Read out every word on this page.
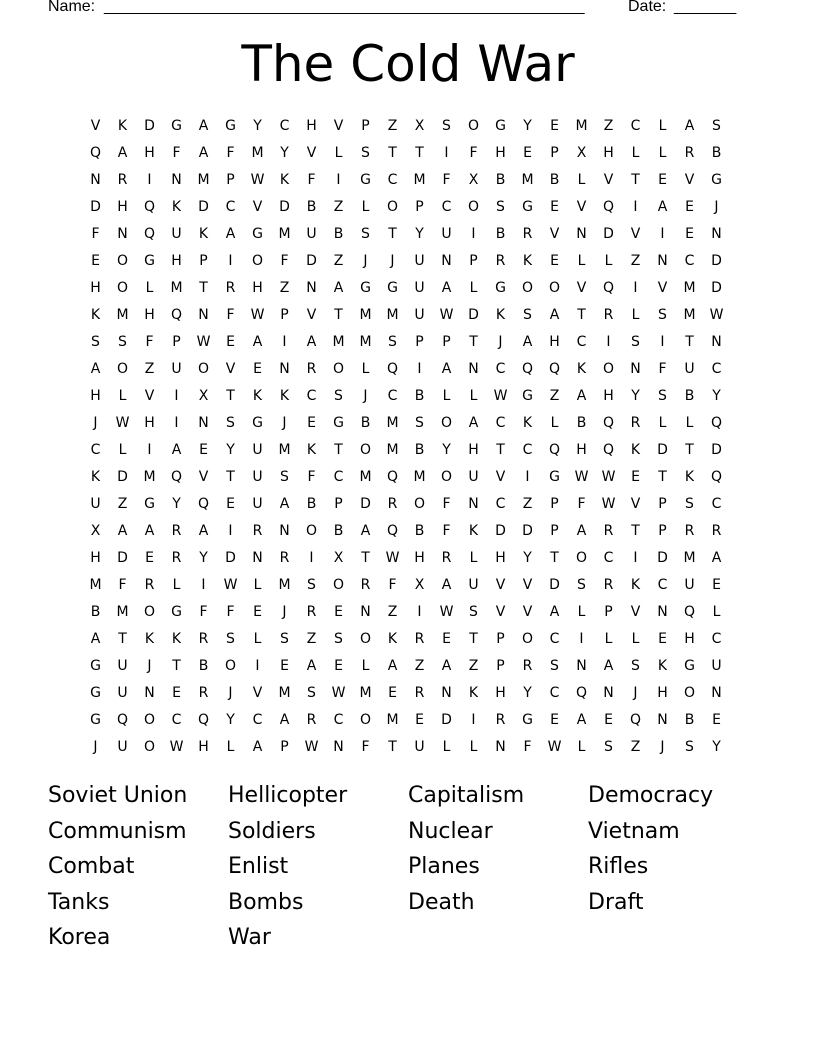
Name: ______________________________________________________	Date: _______
The Cold War
V	K	D	G	A	G	Y	C	H	V	P	Z	X	S	O	G	Y	E	M	Z	C	L	A	S
Q	A	H	F	A	F	M	Y	V	L	S	T	T	I	F	H	E	P	X	H	L	L	R	B
N	R	I	N	M	P	W	K	F	I	G	C	M	F	X	B	M	B	L	V	T	E	V	G
D	H	Q	K	D	C	V	D	B	Z	L	O	P	C	O	S	G	E	V	Q	I	A	E	J
F	N	Q	U	K	A	G	M	U	B	S	T	Y	U	I	B	R	V	N	D	V	I	E	N
E	O	G	H	P	I	O	F	D	Z	J	J	U	N	P	R	K	E	L	L	Z	N	C	D
H	O	L	M	T	R	H	Z	N	A	G	G	U	A	L	G	O	O	V	Q	I	V	M	D
K	M	H	Q	N	F	W	P	V	T	M	M	U	W	D	K	S	A	T	R	L	S	M	W
S	S	F	P	W	E	A	I	A	M	M	S	P	P	T	J	A	H	C	I	S	I	T	N
A	O	Z	U	O	V	E	N	R	O	L	Q	I	A	N	C	Q	Q	K	O	N	F	U	C
H	L	V	I	X	T	K	K	C	S	J	C	B	L	L	W	G	Z	A	H	Y	S	B	Y
J	W	H	I	N	S	G	J	E	G	B	M	S	O	A	C	K	L	B	Q	R	L	L	Q
C	L	I	A	E	Y	U	M	K	T	O	M	B	Y	H	T	C	Q	H	Q	K	D	T	D
K	D	M	Q	V	T	U	S	F	C	M	Q	M	O	U	V	I	G	W W	E	T	K	Q
U	Z	G	Y	Q	E	U	A	B	P	D	R	O	F	N	C	Z	P	F	W	V	P	S	C
X	A	A	R	A	I	R	N	O	B	A	Q	B	F	K	D	D	P	A	R	T	P	R	R
H	D	E	R	Y	D	N	R	I	X	T	W	H	R	L	H	Y	T	O	C	I	D	M	A
M	F	R	L	I	W	L	M	S	O	R	F	X	A	U	V	V	D	S	R	K	C	U	E
B	M	O	G	F	F	E	J	R	E	N	Z	I	W	S	V	V	A	L	P	V	N	Q	L
A	T	K	K	R	S	L	S	Z	S	O	K	R	E	T	P	O	C	I	L	L	E	H	C
G	U	J	T	B	O	I	E	A	E	L	A	Z	A	Z	P	R	S	N	A	S	K	G	U
G	U	N	E	R	J	V	M	S	W	M	E	R	N	K	H	Y	C	Q	N	J	H	O	N
G	Q	O	C	Q	Y	C	A	R	C	O	M	E	D	I	R	G	E	A	E	Q	N	B	E
J	U	O	W	H	L	A	P	W	N	F	T	U	L	L	N	F	W	L	S	Z	J	S	Y
Soviet Union	Hellicopter	Capitalism	Democracy
Communism	Soldiers	Nuclear	Vietnam
Combat	Enlist	Planes	Rifles
Tanks	Bombs	Death	Draft
Korea	War
